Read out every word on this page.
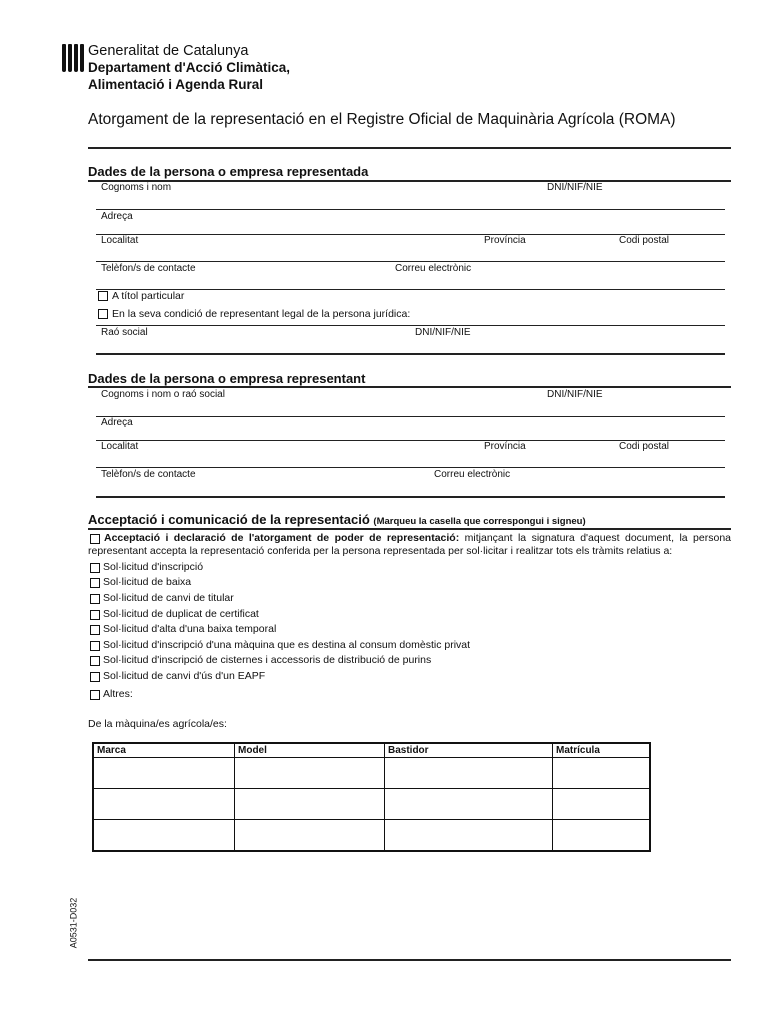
Generalitat de Catalunya
Departament d'Acció Climàtica,
Alimentació i Agenda Rural
Atorgament de la representació en el Registre Oficial de Maquinària Agrícola (ROMA)
Dades de la persona o empresa representada
Cognoms i nom	DNI/NIF/NIE
Adreça
Localitat	Província	Codi postal
Telèfon/s de contacte	Correu electrònic
A títol particular
En la seva condició de representant legal de la persona jurídica:
Raó social	DNI/NIF/NIE
Dades de la persona o empresa representant
Cognoms i nom o raó social	DNI/NIF/NIE
Adreça
Localitat	Província	Codi postal
Telèfon/s de contacte	Correu electrònic
Acceptació i comunicació de la representació (Marqueu la casella que correspongui i signeu)
Acceptació i declaració de l'atorgament de poder de representació: mitjançant la signatura d'aquest document, la persona representant accepta la representació conferida per la persona representada per sol·licitar i realitzar tots els tràmits relatius a:
Sol·licitud d'inscripció
Sol·licitud de baixa
Sol·licitud de canvi de titular
Sol·licitud de duplicat de certificat
Sol·licitud d'alta d'una baixa temporal
Sol·licitud d'inscripció d'una màquina que es destina al consum domèstic privat
Sol·licitud d'inscripció de cisternes i accessoris de distribució de purins
Sol·licitud de canvi d'ús d'un EAPF
Altres:
De la màquina/es agrícola/es:
Marca	Model	Bastidor	Matrícula

A0531-D032
